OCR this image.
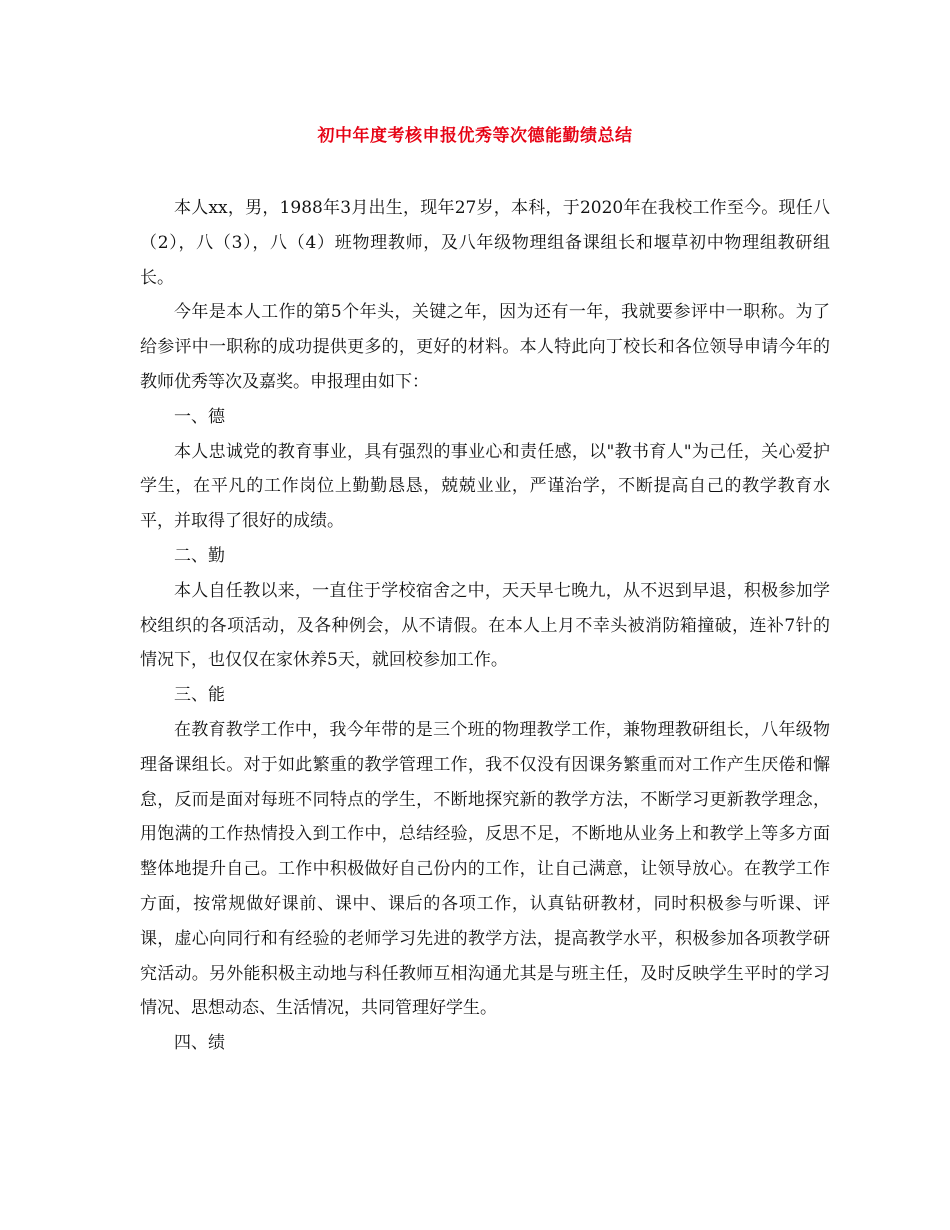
初中年度考核申报优秀等次德能勤绩总结

本人xx，男，1988年3月出生，现年27岁，本科，于2020年在我校工作至今。现任八（2），八（3），八（4）班物理教师，及八年级物理组备课组长和堰草初中物理组教研组长。

今年是本人工作的第5个年头，关键之年，因为还有一年，我就要参评中一职称。为了给参评中一职称的成功提供更多的，更好的材料。本人特此向丁校长和各位领导申请今年的教师优秀等次及嘉奖。申报理由如下：

一、德

本人忠诚党的教育事业，具有强烈的事业心和责任感，以"教书育人"为己任，关心爱护学生，在平凡的工作岗位上勤勤恳恳，兢兢业业，严谨治学，不断提高自己的教学教育水平，并取得了很好的成绩。

二、勤

本人自任教以来，一直住于学校宿舍之中，天天早七晚九，从不迟到早退，积极参加学校组织的各项活动，及各种例会，从不请假。在本人上月不幸头被消防箱撞破，连补7针的情况下，也仅仅在家休养5天，就回校参加工作。

三、能

在教育教学工作中，我今年带的是三个班的物理教学工作，兼物理教研组长，八年级物理备课组长。对于如此繁重的教学管理工作，我不仅没有因课务繁重而对工作产生厌倦和懈怠，反而是面对每班不同特点的学生，不断地探究新的教学方法，不断学习更新教学理念，用饱满的工作热情投入到工作中，总结经验，反思不足，不断地从业务上和教学上等多方面整体地提升自己。工作中积极做好自己份内的工作，让自己满意，让领导放心。在教学工作方面，按常规做好课前、课中、课后的各项工作，认真钻研教材，同时积极参与听课、评课，虚心向同行和有经验的老师学习先进的教学方法，提高教学水平，积极参加各项教学研究活动。另外能积极主动地与科任教师互相沟通尤其是与班主任，及时反映学生平时的学习情况、思想动态、生活情况，共同管理好学生。

四、绩
